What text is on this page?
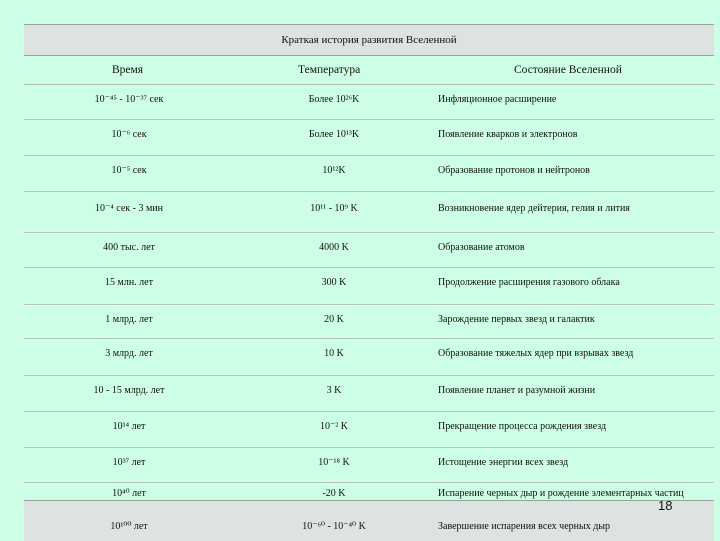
Краткая история развития Вселенной
Время	Температура	Состояние Вселенной
10⁻⁴⁵ - 10⁻³⁷ сек	Более 10²⁶K	Инфляционное расширение
10⁻⁶ сек	Более 10¹³K	Появление кварков и электронов
10⁻⁵ сек	10¹²K	Образование протонов и нейтронов
10⁻⁴ сек - 3 мин	10¹¹ - 10⁹ K	Возникновение ядер дейтерия, гелия и лития
400 тыс. лет	4000 K	Образование атомов
15 млн. лет	300 K	Продолжение расширения газового облака
1 млрд. лет	20 K	Зарождение первых звезд и галактик
3 млрд. лет	10 K	Образование тяжелых ядер при взрывах звезд
10 - 15 млрд. лет	3 K	Появление планет и разумной жизни
10¹⁴ лет	10⁻² K	Прекращение процесса рождения звезд
10³⁷ лет	10⁻¹⁸ K	Истощение энергии всех звезд
10⁴⁰ лет	-20 K	Испарение черных дыр и рождение элементарных частиц
10¹⁰⁰ лет	10⁻⁶⁰ - 10⁻⁴⁰ K	Завершение испарения всех черных дыр
18
